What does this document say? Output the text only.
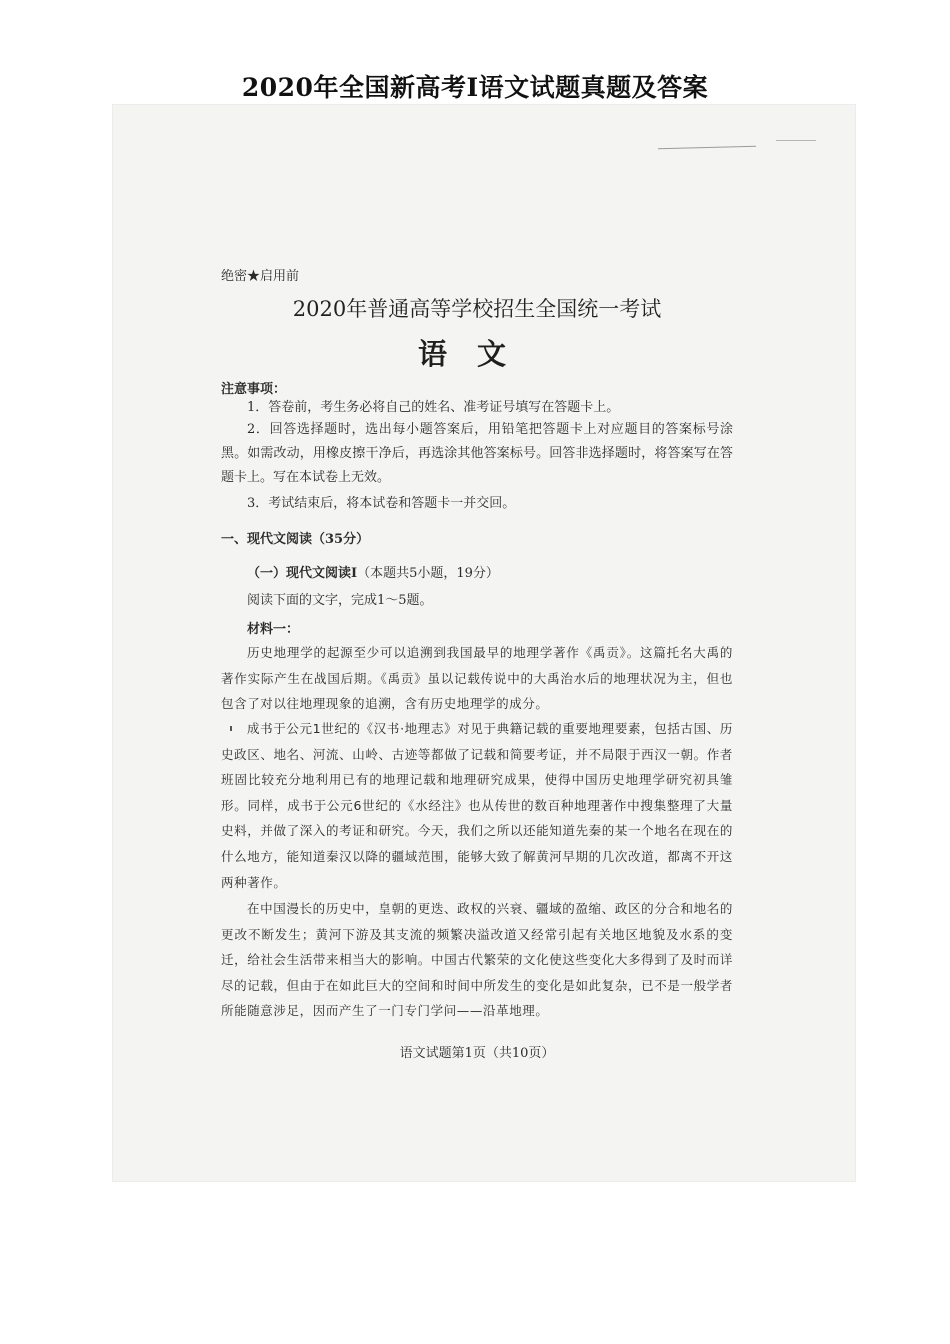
2020年全国新高考Ⅰ语文试题真题及答案
绝密★启用前
2020年普通高等学校招生全国统一考试
语文
注意事项：
1．答卷前，考生务必将自己的姓名、准考证号填写在答题卡上。
2．回答选择题时，选出每小题答案后，用铅笔把答题卡上对应题目的答案标号涂黑。如需改动，用橡皮擦干净后，再选涂其他答案标号。回答非选择题时，将答案写在答题卡上。写在本试卷上无效。
3．考试结束后，将本试卷和答题卡一并交回。
一、现代文阅读（35分）
（一）现代文阅读Ⅰ（本题共5小题，19分）
阅读下面的文字，完成1～5题。
材料一：
历史地理学的起源至少可以追溯到我国最早的地理学著作《禹贡》。这篇托名大禹的著作实际产生在战国后期。《禹贡》虽以记载传说中的大禹治水后的地理状况为主，但也包含了对以往地理现象的追溯，含有历史地理学的成分。
成书于公元1世纪的《汉书·地理志》对见于典籍记载的重要地理要素，包括古国、历史政区、地名、河流、山岭、古迹等都做了记载和简要考证，并不局限于西汉一朝。作者班固比较充分地利用已有的地理记载和地理研究成果，使得中国历史地理学研究初具雏形。同样，成书于公元6世纪的《水经注》也从传世的数百种地理著作中搜集整理了大量史料，并做了深入的考证和研究。今天，我们之所以还能知道先秦的某一个地名在现在的什么地方，能知道秦汉以降的疆域范围，能够大致了解黄河早期的几次改道，都离不开这两种著作。
在中国漫长的历史中，皇朝的更迭、政权的兴衰、疆域的盈缩、政区的分合和地名的更改不断发生；黄河下游及其支流的频繁决溢改道又经常引起有关地区地貌及水系的变迁，给社会生活带来相当大的影响。中国古代繁荣的文化使这些变化大多得到了及时而详尽的记载，但由于在如此巨大的空间和时间中所发生的变化是如此复杂，已不是一般学者所能随意涉足，因而产生了一门专门学问——沿革地理。
语文试题第1页（共10页）
